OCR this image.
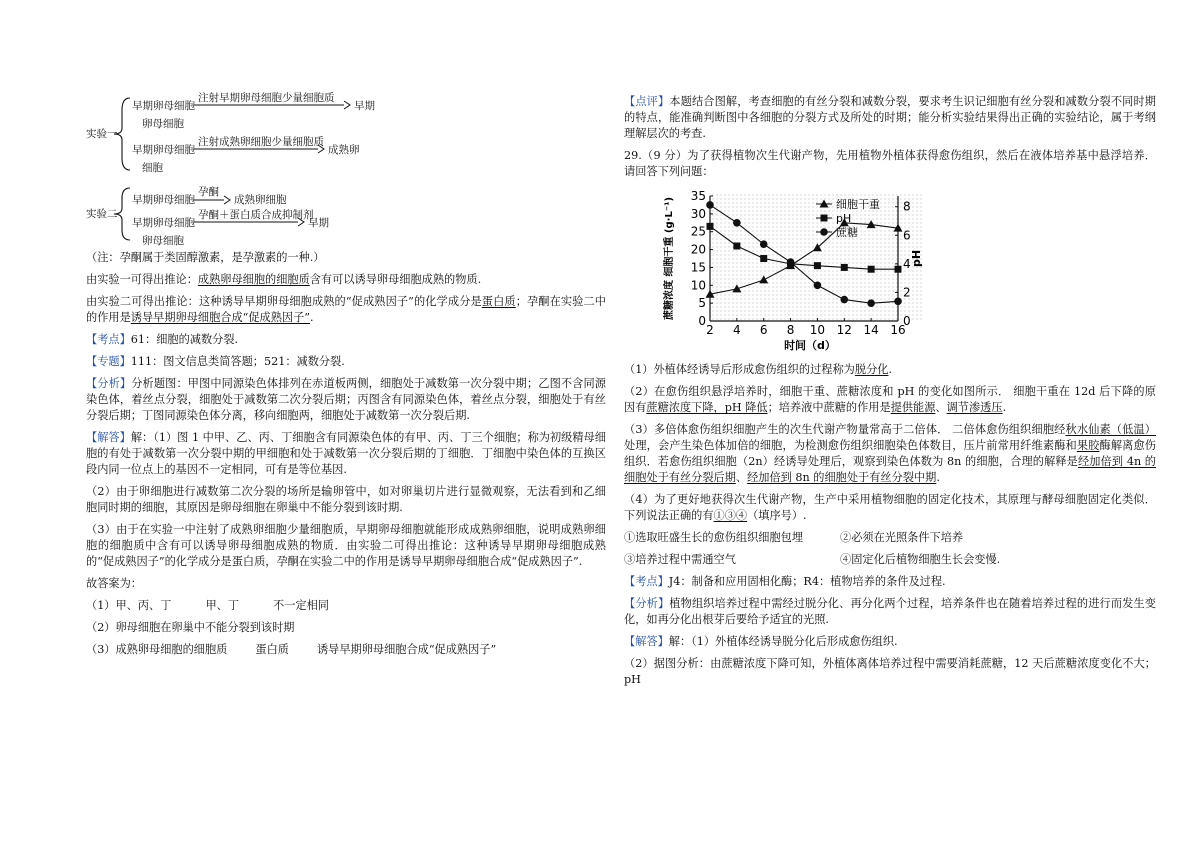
实验一
早期卵母细胞
注射早期卵母细胞少量细胞质
早期
卵母细胞
早期卵母细胞
注射成熟卵细胞少量细胞质
成熟卵
细胞
实验二
早期卵母细胞
孕酮
成熟卵细胞
早期卵母细胞
孕酮＋蛋白质合成抑制剂
早期
卵母细胞

（注：孕酮属于类固醇激素，是孕激素的一种.）

由实验一可得出推论：成熟卵母细胞的细胞质含有可以诱导卵母细胞成熟的物质.

由实验二可得出推论：这种诱导早期卵母细胞成熟的“促成熟因子”的化学成分是蛋白质；孕酮在实验二中的作用是诱导早期卵母细胞合成“促成熟因子”.

【考点】61：细胞的减数分裂.

【专题】111：图文信息类简答题；521：减数分裂.

【分析】分析题图：甲图中同源染色体排列在赤道板两侧，细胞处于减数第一次分裂中期；乙图不含同源染色体，着丝点分裂，细胞处于减数第二次分裂后期；丙图含有同源染色体，着丝点分裂，细胞处于有丝分裂后期；丁图同源染色体分离，移向细胞两，细胞处于减数第一次分裂后期.

【解答】解：（1）图 1 中甲、乙、丙、丁细胞含有同源染色体的有甲、丙、丁三个细胞；称为初级精母细胞的有处于减数第一次分裂中期的甲细胞和处于减数第一次分裂后期的丁细胞．丁细胞中染色体的互换区段内同一位点上的基因不一定相同，可有是等位基因.

（2）由于卵细胞进行减数第二次分裂的场所是输卵管中，如对卵巢切片进行显微观察，无法看到和乙细胞同时期的细胞，其原因是卵母细胞在卵巢中不能分裂到该时期.

（3）由于在实验一中注射了成熟卵细胞少量细胞质，早期卵母细胞就能形成成熟卵细胞，说明成熟卵细胞的细胞质中含有可以诱导卵母细胞成熟的物质．由实验二可得出推论：这种诱导早期卵母细胞成熟的“促成熟因子”的化学成分是蛋白质，孕酮在实验二中的作用是诱导早期卵母细胞合成“促成熟因子”.

故答案为：

（1）甲、丙、丁	甲、丁	不一定相同

（2）卵母细胞在卵巢中不能分裂到该时期

（3）成熟卵母细胞的细胞质	蛋白质	诱导早期卵母细胞合成“促成熟因子”

【点评】本题结合图解，考查细胞的有丝分裂和减数分裂，要求考生识记细胞有丝分裂和减数分裂不同时期的特点，能准确判断图中各细胞的分裂方式及所处的时期；能分析实验结果得出正确的实验结论，属于考纲理解层次的考查.

29.（9 分）为了获得植物次生代谢产物，先用植物外植体获得愈伤组织，然后在液体培养基中悬浮培养． 请回答下列问题：

2 4 6 8 10 12 14 16
0
5
10
15
20
25
30
35
0
2
4
6
8
时间（d）
蔗糖浓度 细胞干重 (g·L⁻¹)	pH
细胞干重
pH
蔗糖

（1）外植体经诱导后形成愈伤组织的过程称为脱分化.

（2）在愈伤组织悬浮培养时，细胞干重、蔗糖浓度和 pH 的变化如图所示． 细胞干重在 12d 后下降的原因有蔗糖浓度下降，pH 降低；培养液中蔗糖的作用是提供能源、调节渗透压.

（3）多倍体愈伤组织细胞产生的次生代谢产物量常高于二倍体． 二倍体愈伤组织细胞经秋水仙素（低温）处理，会产生染色体加倍的细胞，为检测愈伤组织细胞染色体数目，压片前常用纤维素酶和果胶酶解离愈伤组织．若愈伤组织细胞（2n）经诱导处理后，观察到染色体数为 8n 的细胞，合理的解释是经加倍到 4n 的细胞处于有丝分裂后期、经加倍到 8n 的细胞处于有丝分裂中期.

（4）为了更好地获得次生代谢产物，生产中采用植物细胞的固定化技术，其原理与酵母细胞固定化类似． 下列说法正确的有①③④（填序号）.

①选取旺盛生长的愈伤组织细胞包埋	②必须在光照条件下培养

③培养过程中需通空气	④固定化后植物细胞生长会变慢.

【考点】J4：制备和应用固相化酶；R4：植物培养的条件及过程.

【分析】植物组织培养过程中需经过脱分化、再分化两个过程，培养条件也在随着培养过程的进行而发生变化，如再分化出根芽后要给予适宜的光照.

【解答】解：（1）外植体经诱导脱分化后形成愈伤组织.

（2）据图分析：由蔗糖浓度下降可知，外植体离体培养过程中需要消耗蔗糖，12 天后蔗糖浓度变化不大；pH
